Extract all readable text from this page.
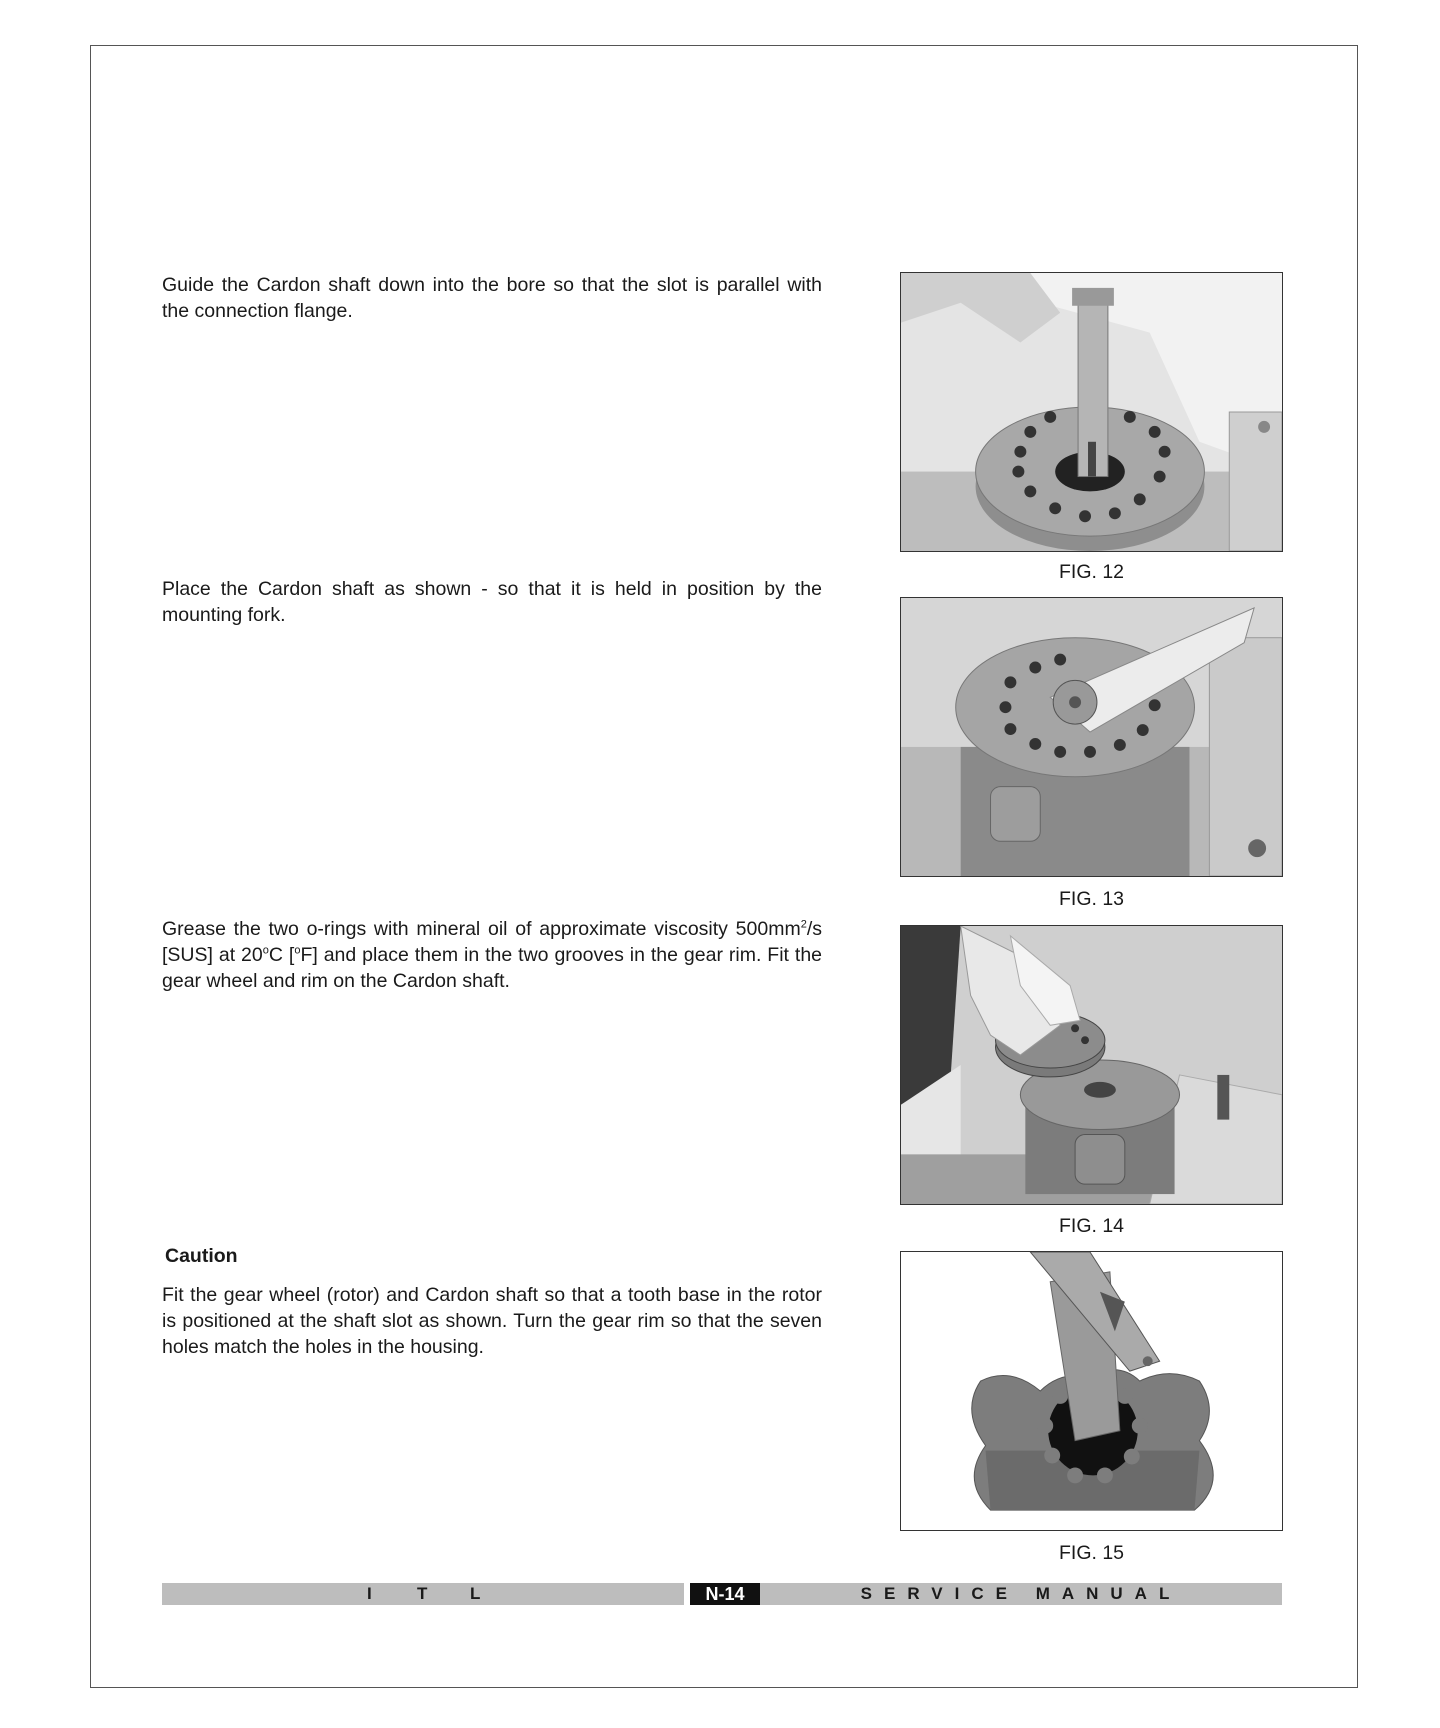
Guide the Cardon shaft down into the bore so that the slot is parallel with the connection flange.

Place the Cardon shaft as shown - so that it is held in position by the mounting fork.

Grease the two o-rings with mineral oil of approximate viscosity $500mm^2/s$ [SUS] at 20$^o$C [$^o$F] and place them in the two grooves in the gear rim. Fit the gear wheel and rim on the Cardon shaft.

Caution

Fit the gear wheel (rotor) and Cardon shaft so that a tooth base in the rotor is positioned at the shaft slot as shown. Turn the gear rim so that the seven holes match the holes in the housing.

FIG. 12

FIG. 13

FIG. 14

FIG. 15

I	T	L	N-14	SERVICE MANUAL
